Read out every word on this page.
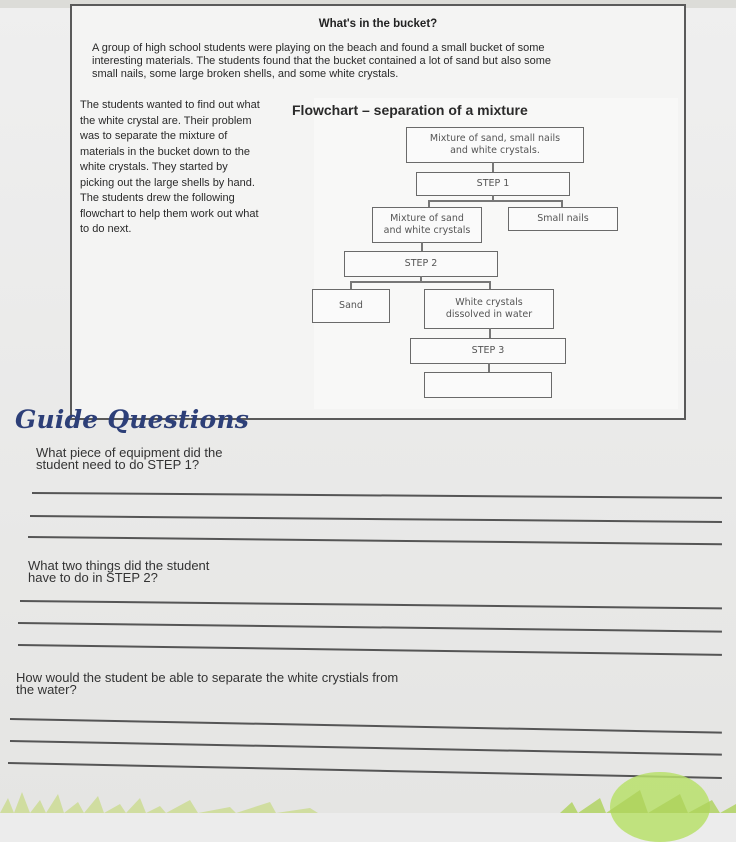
What's in the bucket?
A group of high school students were playing on the beach and found a small bucket of some
interesting materials. The students found that the bucket contained a lot of sand but also some
small nails, some large broken shells, and some white crystals.
The students wanted to find out what
the white crystal are. Their problem
was to separate the mixture of
materials in the bucket down to the
white crystals. They started by
picking out the large shells by hand.
The students drew the following
flowchart to help them work out what
to do next.
Flowchart – separation of a mixture
Mixture of sand, small nails
and white crystals.
STEP 1
Mixture of sand
and white crystals
Small nails
STEP 2
Sand	White crystals
dissolved in water
STEP 3
Guide Questions
What piece of equipment did the
student need to do STEP 1?
What two things did the student
have to do in STEP 2?
How would the student be able to separate the white crystials from
the water?
